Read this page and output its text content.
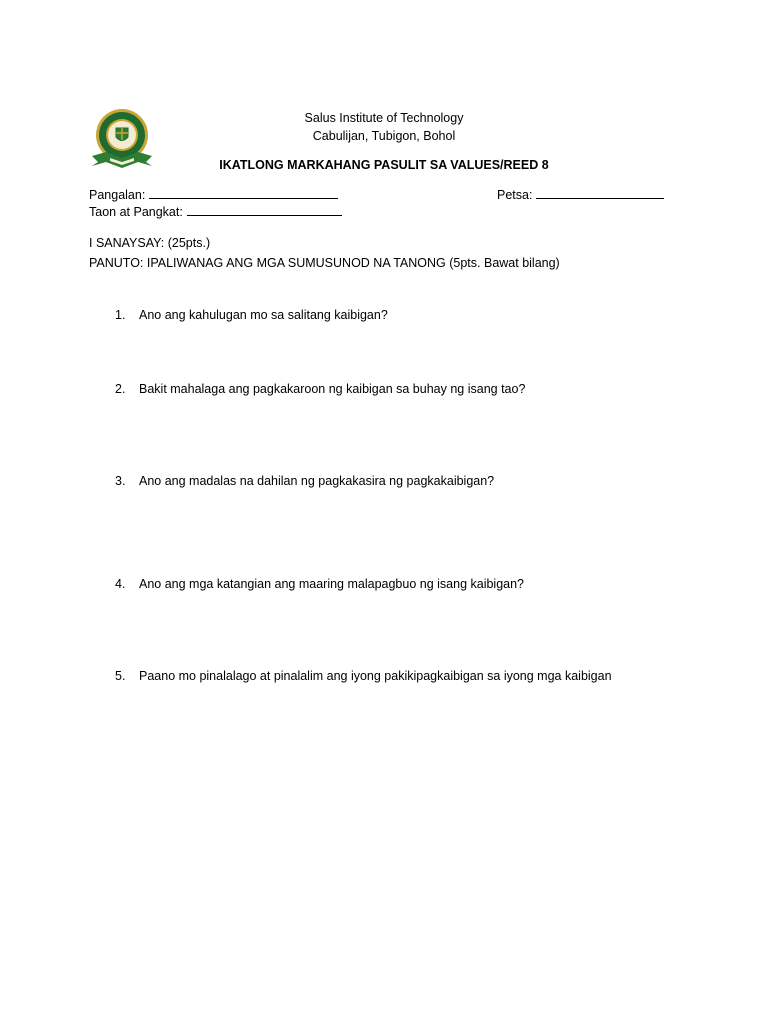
Salus Institute of Technology
Cabulijan, Tubigon, Bohol
IKATLONG MARKAHANG PASULIT SA VALUES/REED 8
Pangalan:	Petsa:
Taon at Pangkat:
I SANAYSAY: (25pts.)
PANUTO: IPALIWANAG ANG MGA SUMUSUNOD NA TANONG (5pts. Bawat bilang)
1. Ano ang kahulugan mo sa salitang kaibigan?
2. Bakit mahalaga ang pagkakaroon ng kaibigan sa buhay ng isang tao?
3. Ano ang madalas na dahilan ng pagkakasira ng pagkakaibigan?
4. Ano ang mga katangian ang maaring malapagbuo ng isang kaibigan?
5. Paano mo pinalalago at pinalalim ang iyong pakikipagkaibigan sa iyong mga kaibigan
